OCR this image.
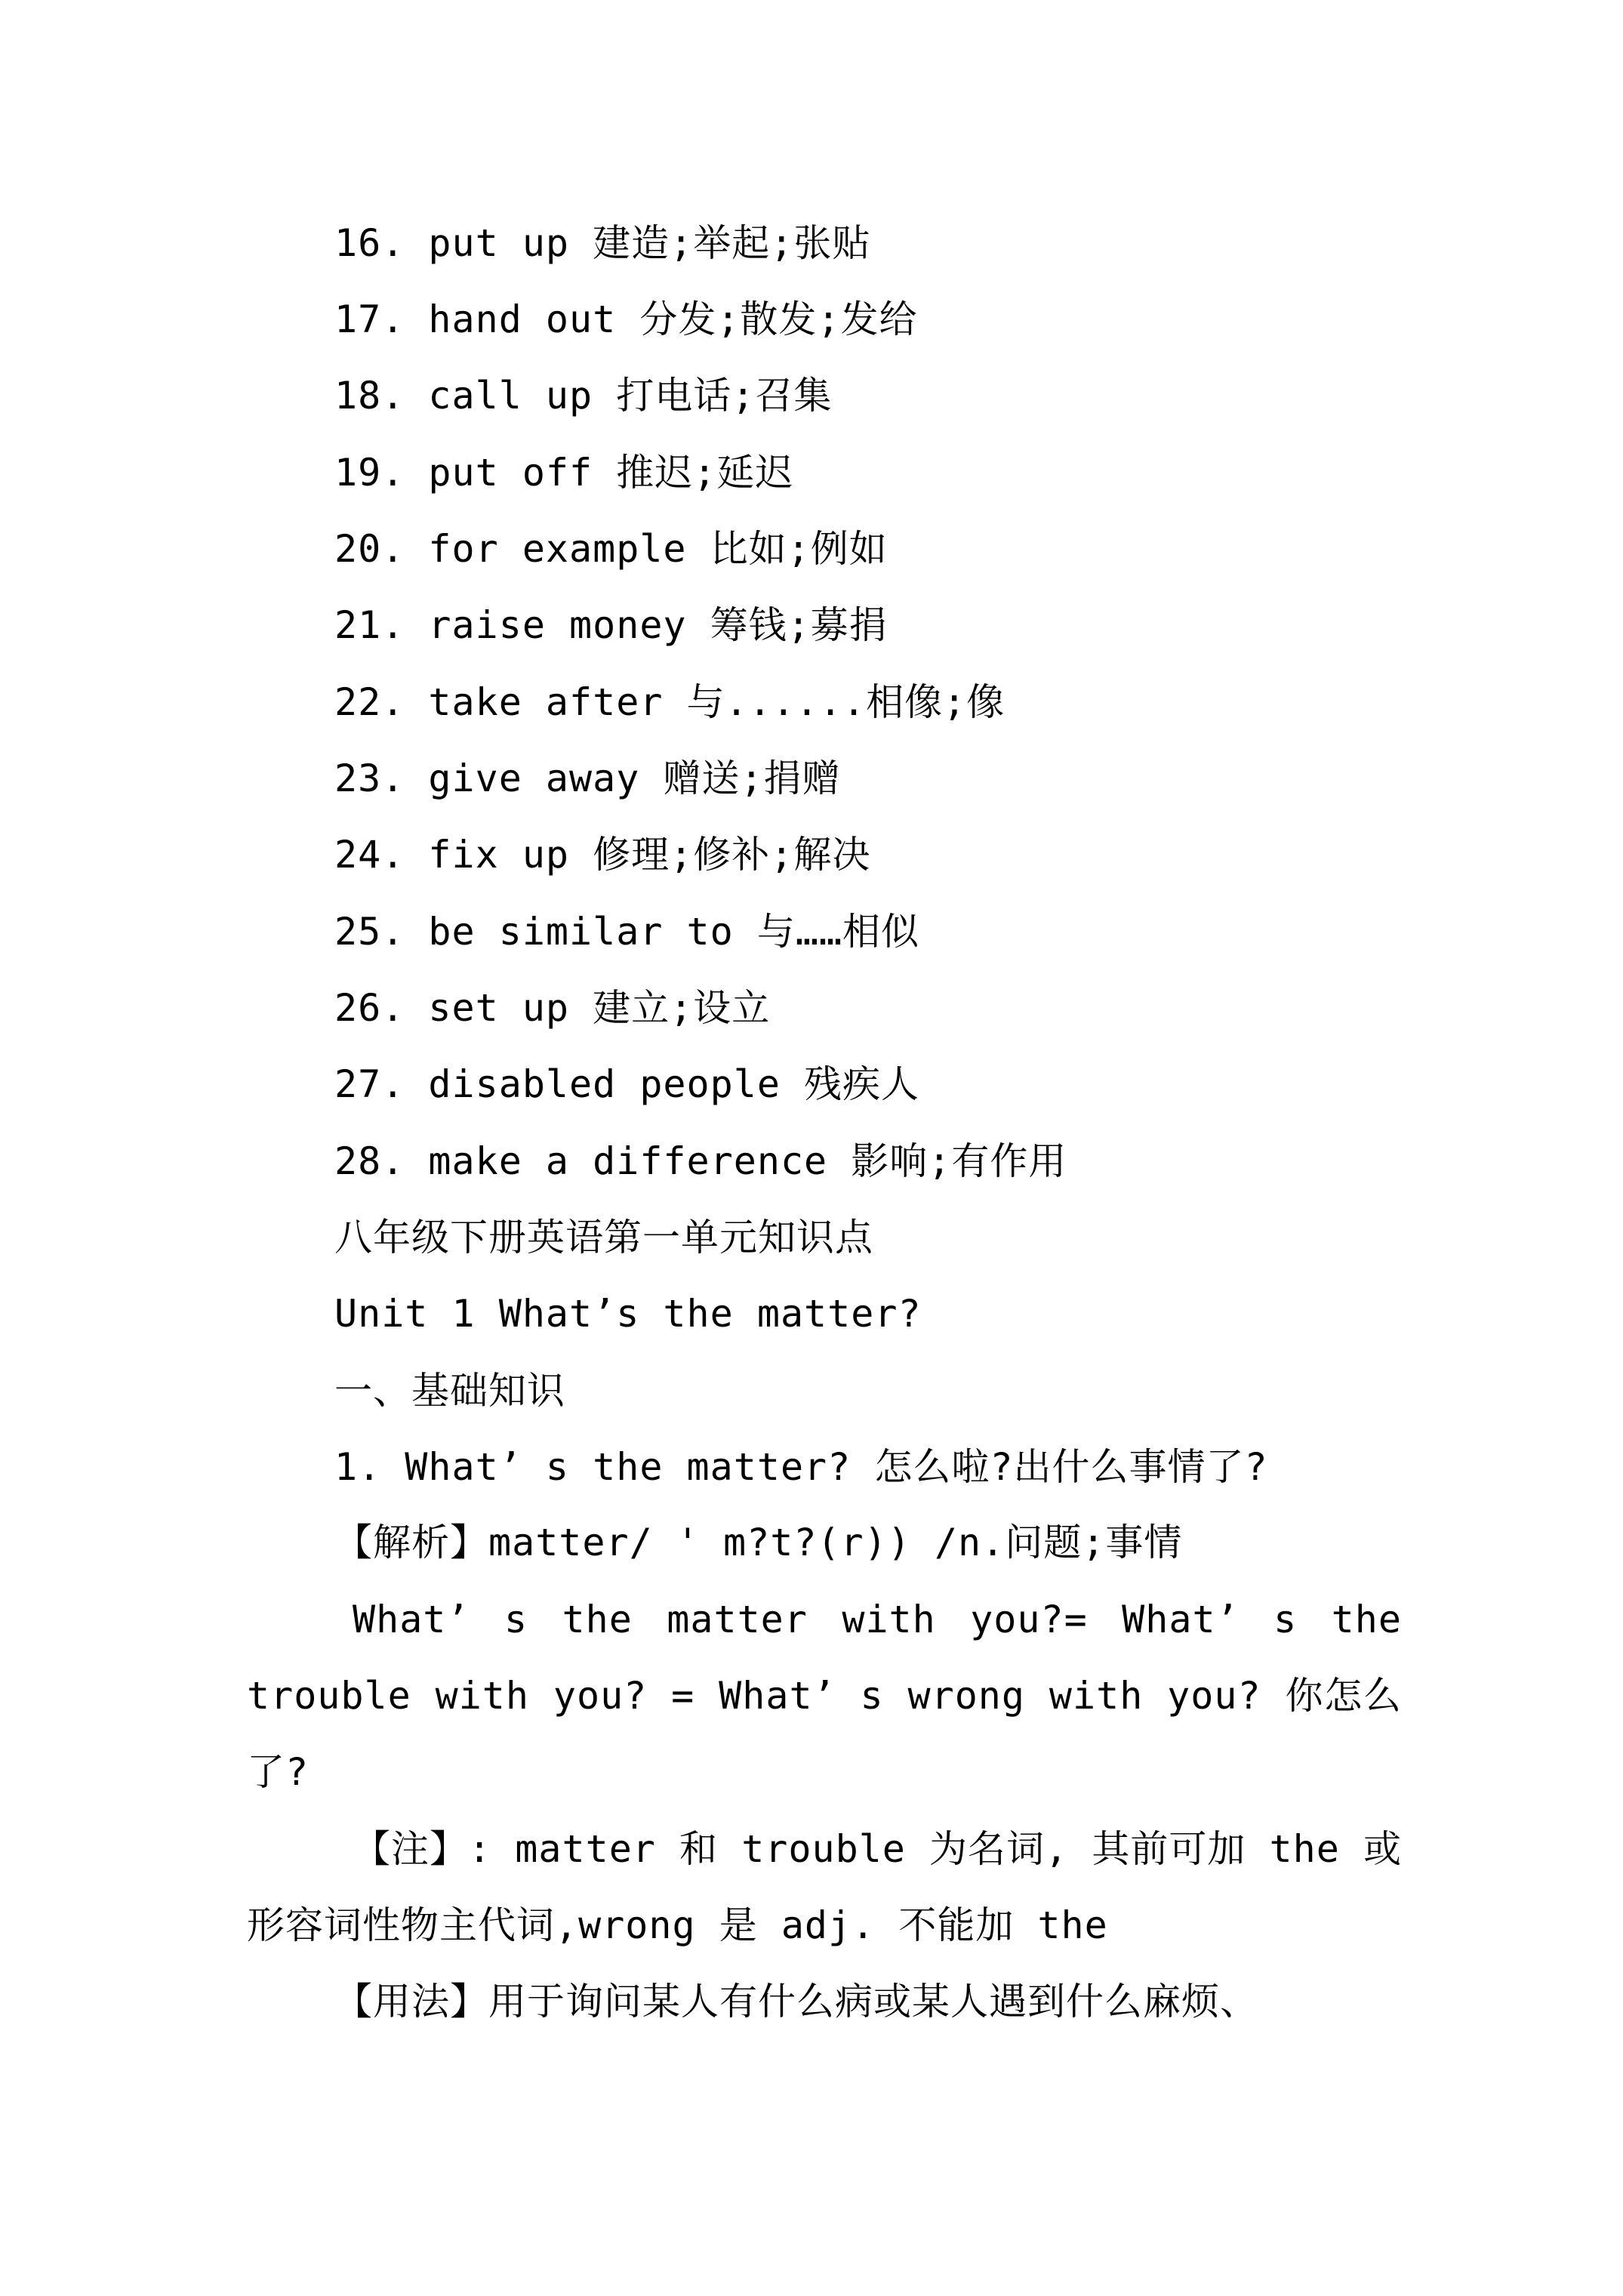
16. put up 建造;举起;张贴
17. hand out 分发;散发;发给
18. call up 打电话;召集
19. put off 推迟;延迟
20. for example 比如;例如
21. raise money 筹钱;募捐
22. take after 与......相像;像
23. give away 赠送;捐赠
24. fix up 修理;修补;解决
25. be similar to 与……相似
26. set up 建立;设立
27. disabled people 残疾人
28. make a difference 影响;有作用
八年级下册英语第一单元知识点
Unit 1 What’s the matter?
一、基础知识
1. What’ s the matter? 怎么啦?出什么事情了?
【解析】matter/ ' m?t?(r)) /n.问题;事情
What’ s the matter with you?= What’ s the trouble with you? = What’ s wrong with you? 你怎么了?
【注】: matter 和 trouble 为名词, 其前可加 the 或形容词性物主代词,wrong 是 adj. 不能加 the
【用法】用于询问某人有什么病或某人遇到什么麻烦、
